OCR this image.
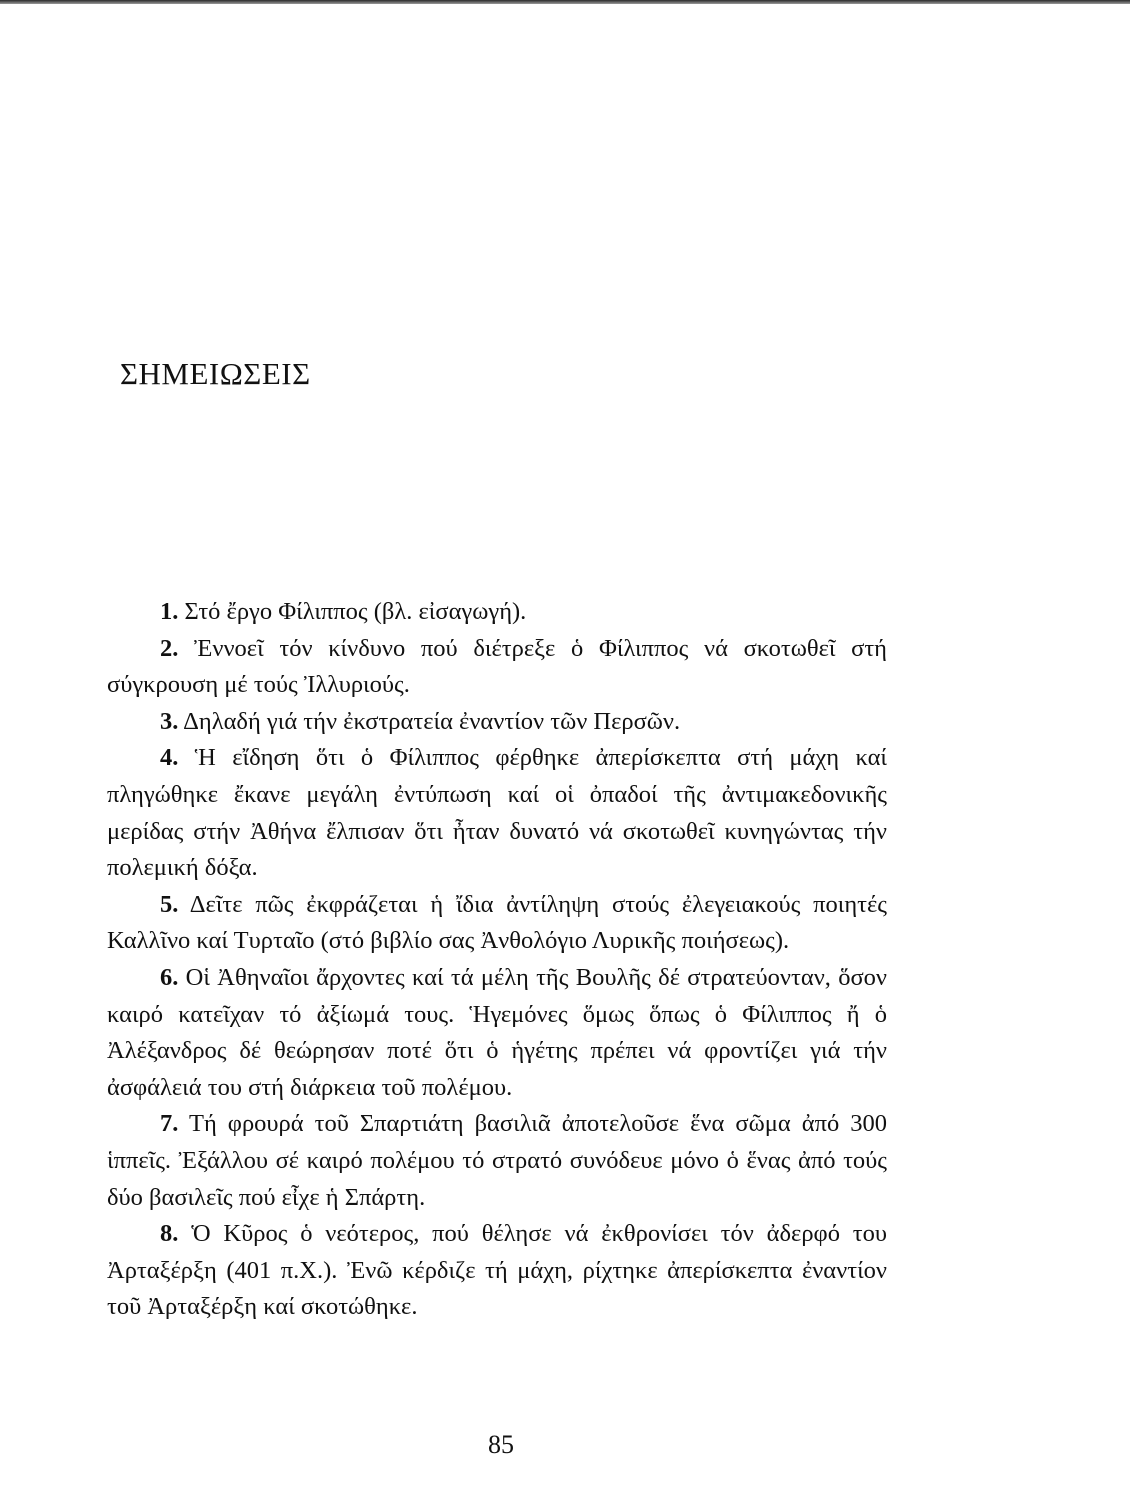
ΣΗΜΕΙΩΣΕΙΣ

1. Στό ἔργο Φίλιππος (βλ. εἰσαγωγή).

2. Ἐννοεῖ τόν κίνδυνο πού διέτρεξε ὁ Φίλιππος νά σκοτωθεῖ στή σύγκρουση μέ τούς Ἰλλυριούς.

3. Δηλαδή γιά τήν ἐκστρατεία ἐναντίον τῶν Περσῶν.

4. Ἡ εἴδηση ὅτι ὁ Φίλιππος φέρθηκε ἀπερίσκεπτα στή μάχη καί πληγώθηκε ἔκανε μεγάλη ἐντύπωση καί οἱ ὀπαδοί τῆς ἀντιμακεδονικῆς μερίδας στήν Ἀθήνα ἔλπισαν ὅτι ἦταν δυνατό νά σκοτωθεῖ κυνηγώντας τήν πολεμική δόξα.

5. Δεῖτε πῶς ἐκφράζεται ἡ ἴδια ἀντίληψη στούς ἐλεγειακούς ποιητές Καλλῖνο καί Τυρταῖο (στό βιβλίο σας Ἀνθολόγιο Λυρικῆς ποιήσεως).

6. Οἱ Ἀθηναῖοι ἄρχοντες καί τά μέλη τῆς Βουλῆς δέ στρατεύονταν, ὅσον καιρό κατεῖχαν τό ἀξίωμά τους. Ἡγεμόνες ὅμως ὅπως ὁ Φίλιππος ἤ ὁ Ἀλέξανδρος δέ θεώρησαν ποτέ ὅτι ὁ ἡγέτης πρέπει νά φροντίζει γιά τήν ἀσφάλειά του στή διάρκεια τοῦ πολέμου.

7. Τή φρουρά τοῦ Σπαρτιάτη βασιλιᾶ ἀποτελοῦσε ἕνα σῶμα ἀπό 300 ἱππεῖς. Ἐξάλλου σέ καιρό πολέμου τό στρατό συνόδευε μόνο ὁ ἕνας ἀπό τούς δύο βασιλεῖς πού εἶχε ἡ Σπάρτη.

8. Ὁ Κῦρος ὁ νεότερος, πού θέλησε νά ἐκθρονίσει τόν ἀδερφό του Ἀρταξέρξη (401 π.Χ.). Ἐνῶ κέρδιζε τή μάχη, ρίχτηκε ἀπερίσκεπτα ἐναντίον τοῦ Ἀρταξέρξη καί σκοτώθηκε.

85
